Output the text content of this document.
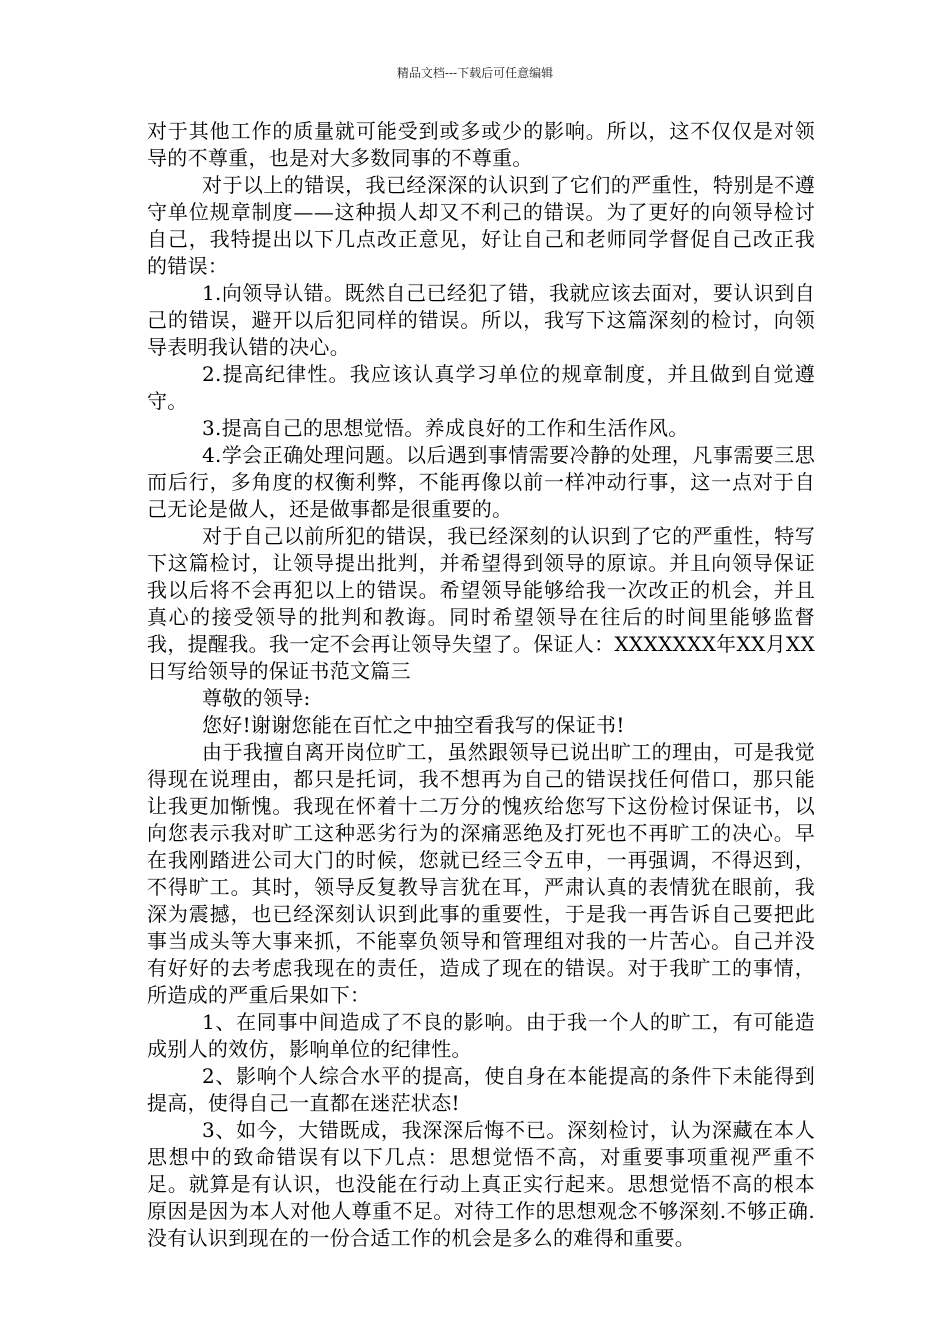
精品文档---下载后可任意编辑

对于其他工作的质量就可能受到或多或少的影响。所以，这不仅仅是对领导的不尊重，也是对大多数同事的不尊重。

对于以上的错误，我已经深深的认识到了它们的严重性，特别是不遵守单位规章制度——这种损人却又不利己的错误。为了更好的向领导检讨自己，我特提出以下几点改正意见，好让自己和老师同学督促自己改正我的错误：

1.向领导认错。既然自己已经犯了错，我就应该去面对，要认识到自己的错误，避开以后犯同样的错误。所以，我写下这篇深刻的检讨，向领导表明我认错的决心。

2.提高纪律性。我应该认真学习单位的规章制度，并且做到自觉遵守。

3.提高自己的思想觉悟。养成良好的工作和生活作风。

4.学会正确处理问题。以后遇到事情需要冷静的处理，凡事需要三思而后行，多角度的权衡利弊，不能再像以前一样冲动行事，这一点对于自己无论是做人，还是做事都是很重要的。

对于自己以前所犯的错误，我已经深刻的认识到了它的严重性，特写下这篇检讨，让领导提出批判，并希望得到领导的原谅。并且向领导保证我以后将不会再犯以上的错误。希望领导能够给我一次改正的机会，并且真心的接受领导的批判和教诲。同时希望领导在往后的时间里能够监督我，提醒我。我一定不会再让领导失望了。保证人：XXXXXXX年XX月XX日写给领导的保证书范文篇三

尊敬的领导:

您好!谢谢您能在百忙之中抽空看我写的保证书!

由于我擅自离开岗位旷工，虽然跟领导已说出旷工的理由，可是我觉得现在说理由，都只是托词，我不想再为自己的错误找任何借口，那只能让我更加惭愧。我现在怀着十二万分的愧疚给您写下这份检讨保证书，以向您表示我对旷工这种恶劣行为的深痛恶绝及打死也不再旷工的决心。早在我刚踏进公司大门的时候，您就已经三令五申，一再强调，不得迟到，不得旷工。其时，领导反复教导言犹在耳，严肃认真的表情犹在眼前，我深为震撼，也已经深刻认识到此事的重要性，于是我一再告诉自己要把此事当成头等大事来抓，不能辜负领导和管理组对我的一片苦心。自己并没有好好的去考虑我现在的责任，造成了现在的错误。对于我旷工的事情，所造成的严重后果如下：

1、在同事中间造成了不良的影响。由于我一个人的旷工，有可能造成别人的效仿，影响单位的纪律性。

2、影响个人综合水平的提高，使自身在本能提高的条件下未能得到提高，使得自己一直都在迷茫状态!

3、如今，大错既成，我深深后悔不已。深刻检讨，认为深藏在本人思想中的致命错误有以下几点：思想觉悟不高，对重要事项重视严重不足。就算是有认识，也没能在行动上真正实行起来。思想觉悟不高的根本原因是因为本人对他人尊重不足。对待工作的思想观念不够深刻.不够正确.没有认识到现在的一份合适工作的机会是多么的难得和重要。
